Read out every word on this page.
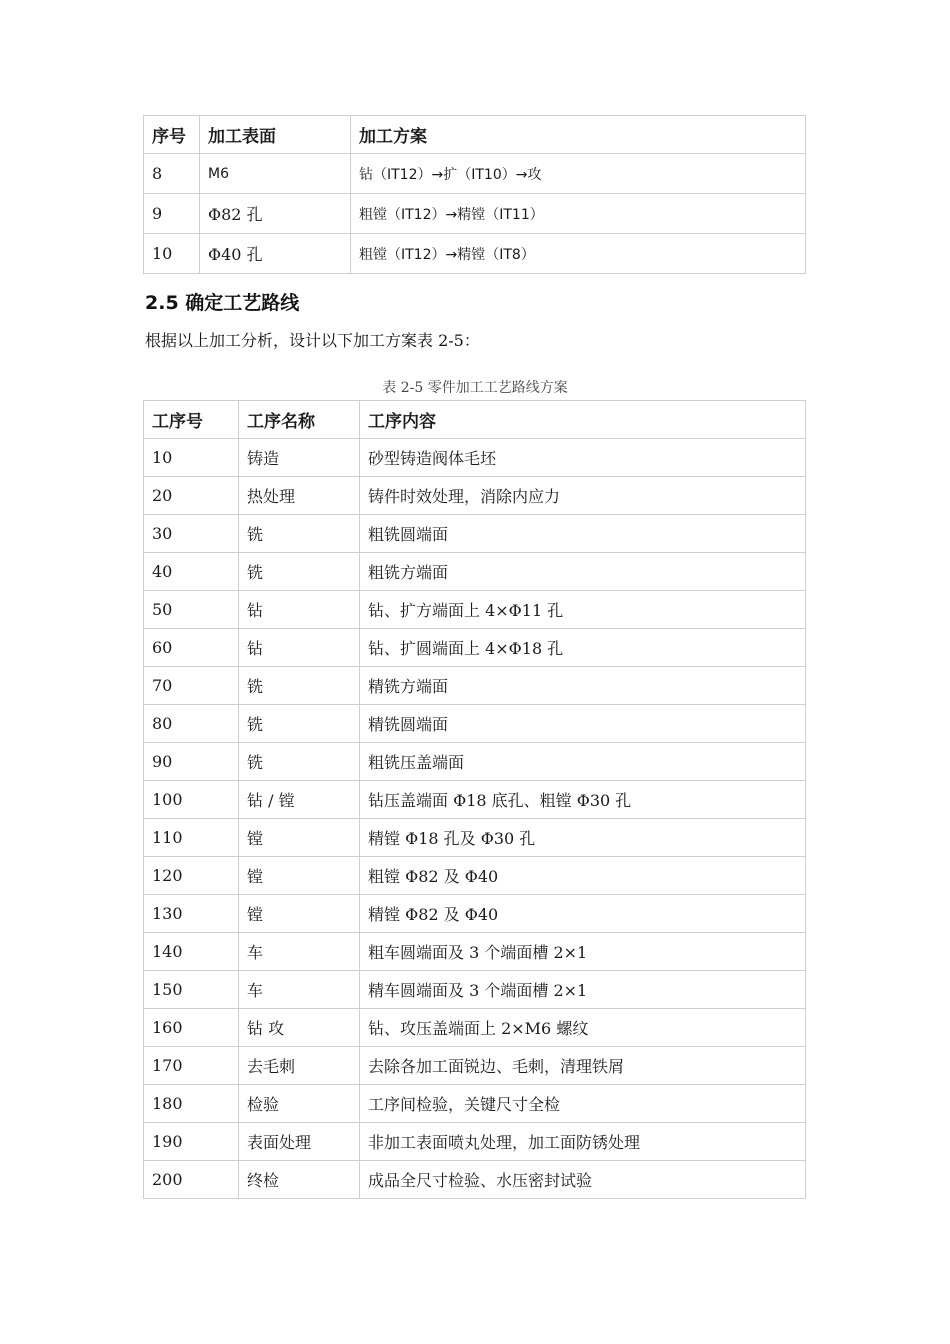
序号	加工表面	加工方案
8	M6	钻（IT12）→扩（IT10）→攻
9	Φ82 孔	粗镗（IT12）→精镗（IT11）
10	Φ40 孔	粗镗（IT12）→精镗（IT8）
2.5 确定工艺路线
根据以上加工分析，设计以下加工方案表 2-5：
表 2-5 零件加工工艺路线方案
工序号	工序名称	工序内容
10	铸造	砂型铸造阀体毛坯
20	热处理	铸件时效处理，消除内应力
30	铣	粗铣圆端面
40	铣	粗铣方端面
50	钻	钻、扩方端面上 4×Φ11 孔
60	钻	钻、扩圆端面上 4×Φ18 孔
70	铣	精铣方端面
80	铣	精铣圆端面
90	铣	粗铣压盖端面
100	钻 / 镗	钻压盖端面 Φ18 底孔、粗镗 Φ30 孔
110	镗	精镗 Φ18 孔及 Φ30 孔
120	镗	粗镗 Φ82 及 Φ40
130	镗	精镗 Φ82 及 Φ40
140	车	粗车圆端面及 3 个端面槽 2×1
150	车	精车圆端面及 3 个端面槽 2×1
160	钻 攻	钻、攻压盖端面上 2×M6 螺纹
170	去毛刺	去除各加工面锐边、毛刺，清理铁屑
180	检验	工序间检验，关键尺寸全检
190	表面处理	非加工表面喷丸处理，加工面防锈处理
200	终检	成品全尺寸检验、水压密封试验
